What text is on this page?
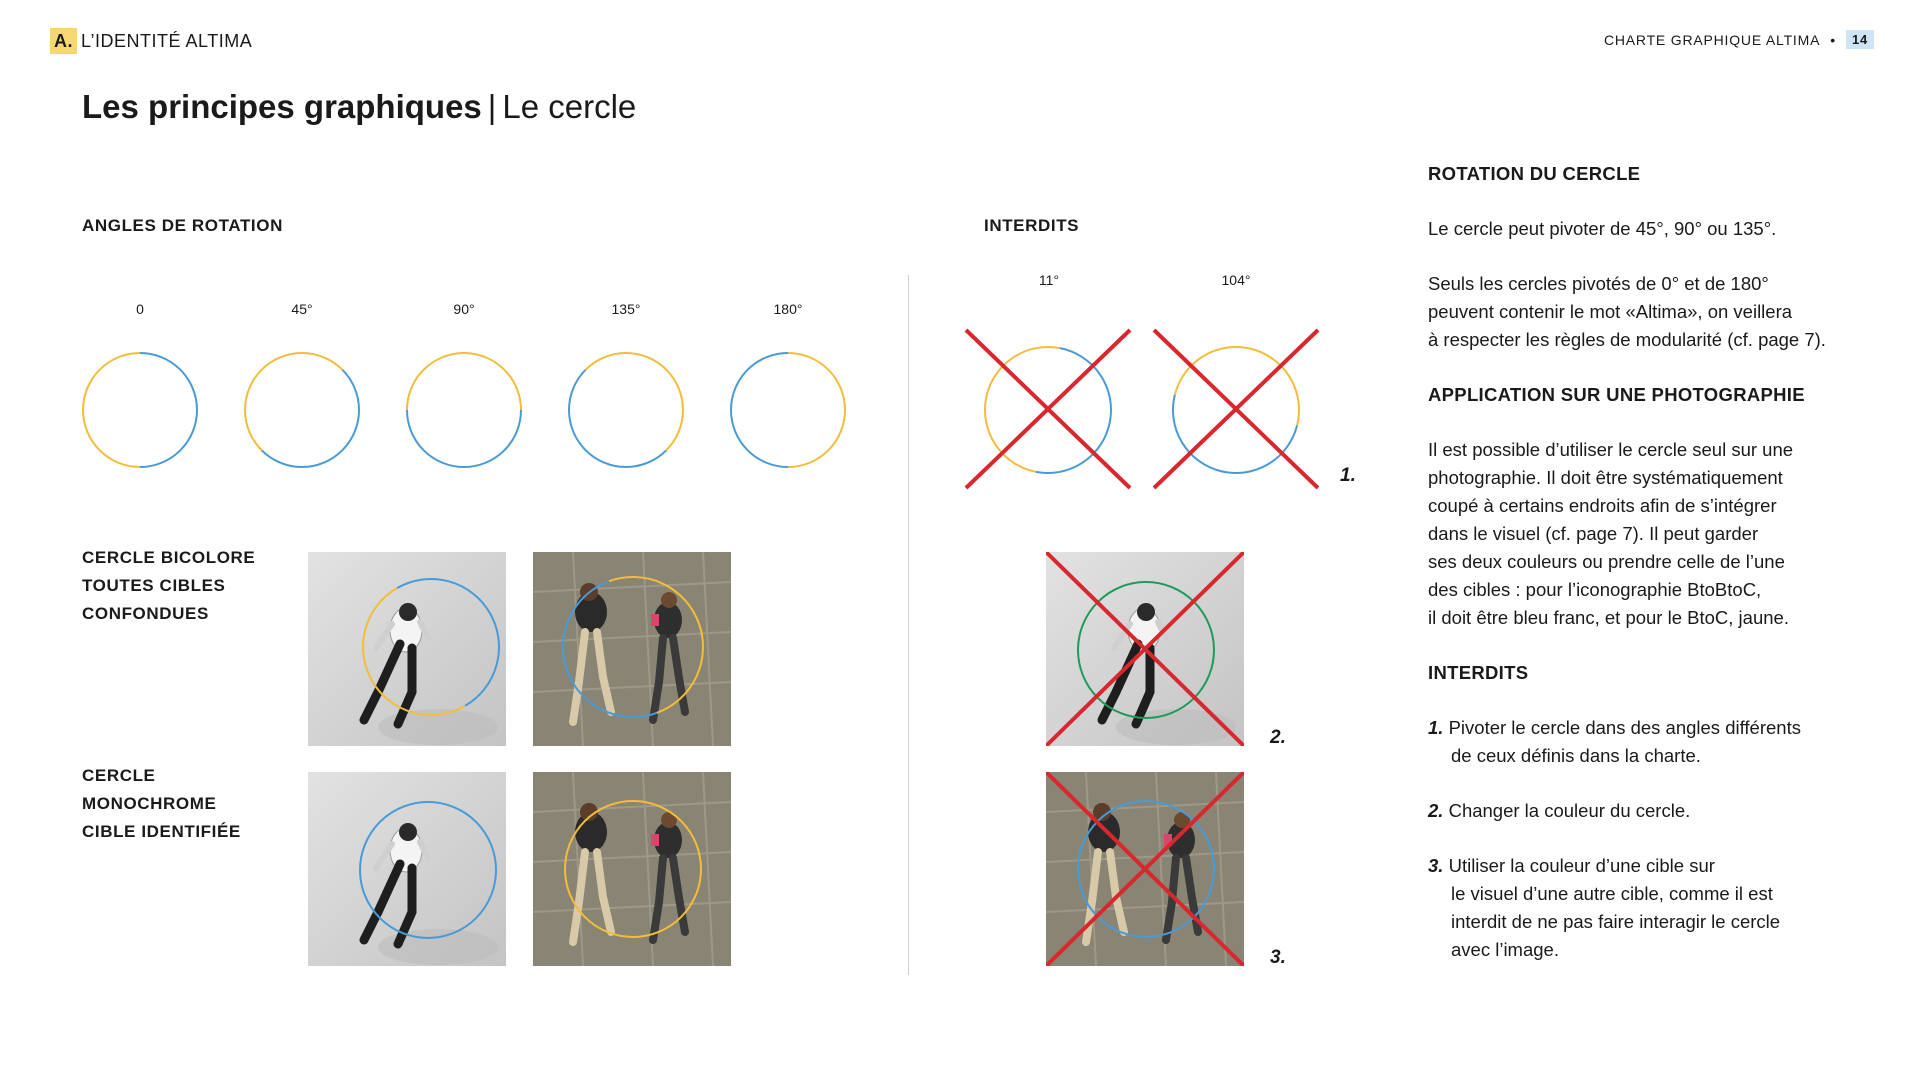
A. L’IDENTITÉ ALTIMA	CHARTE GRAPHIQUE ALTIMA •	14
Les principes graphiques | Le cercle
ANGLES DE ROTATION
0	45°	90°	135°	180°
CERCLE BICOLORE
TOUTES CIBLES
CONFONDUES
CERCLE
MONOCHROME
CIBLE IDENTIFIÉE
INTERDITS
11°	104°
1.
2.
3.
ROTATION DU CERCLE
Le cercle peut pivoter de 45°, 90° ou 135°.
Seuls les cercles pivotés de 0° et de 180°
peuvent contenir le mot «Altima», on veillera
à respecter les règles de modularité (cf. page 7).
APPLICATION SUR UNE PHOTOGRAPHIE
Il est possible d’utiliser le cercle seul sur une
photographie. Il doit être systématiquement
coupé à certains endroits afin de s’intégrer
dans le visuel (cf. page 7). Il peut garder
ses deux couleurs ou prendre celle de l’une
des cibles : pour l’iconographie BtoBtoC,
il doit être bleu franc, et pour le BtoC, jaune.
INTERDITS
1. Pivoter le cercle dans des angles différents
de ceux définis dans la charte.
2. Changer la couleur du cercle.
3. Utiliser la couleur d’une cible sur
le visuel d’une autre cible, comme il est
interdit de ne pas faire interagir le cercle
avec l’image.
